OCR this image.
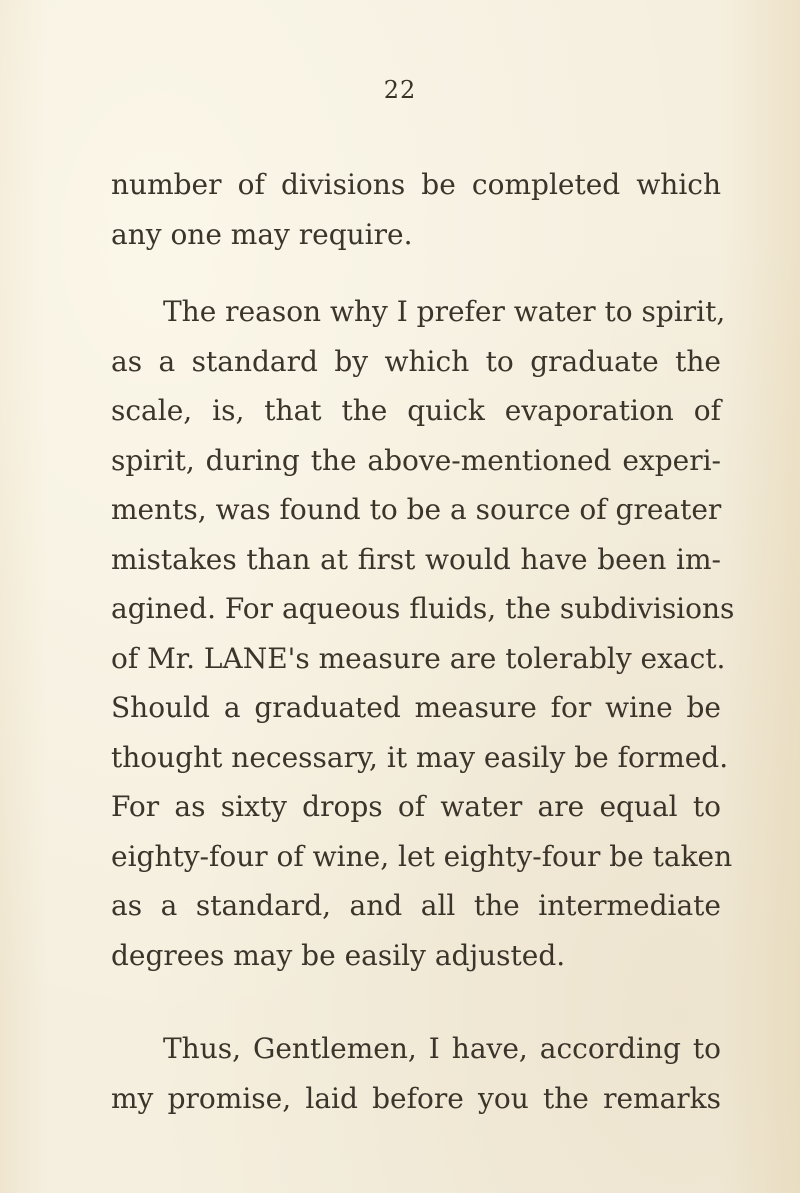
22

number of divisions be completed which
any one may require.

The reason why I prefer water to spirit,
as a standard by which to graduate the
scale, is, that the quick evaporation of
spirit, during the above-mentioned experi-
ments, was found to be a source of greater
mistakes than at first would have been im-
agined. For aqueous fluids, the subdivisions
of Mr. LANE's measure are tolerably exact.
Should a graduated measure for wine be
thought necessary, it may easily be formed.
For as sixty drops of water are equal to
eighty-four of wine, let eighty-four be taken
as a standard, and all the intermediate
degrees may be easily adjusted.

Thus, Gentlemen, I have, according to
my promise, laid before you the remarks
